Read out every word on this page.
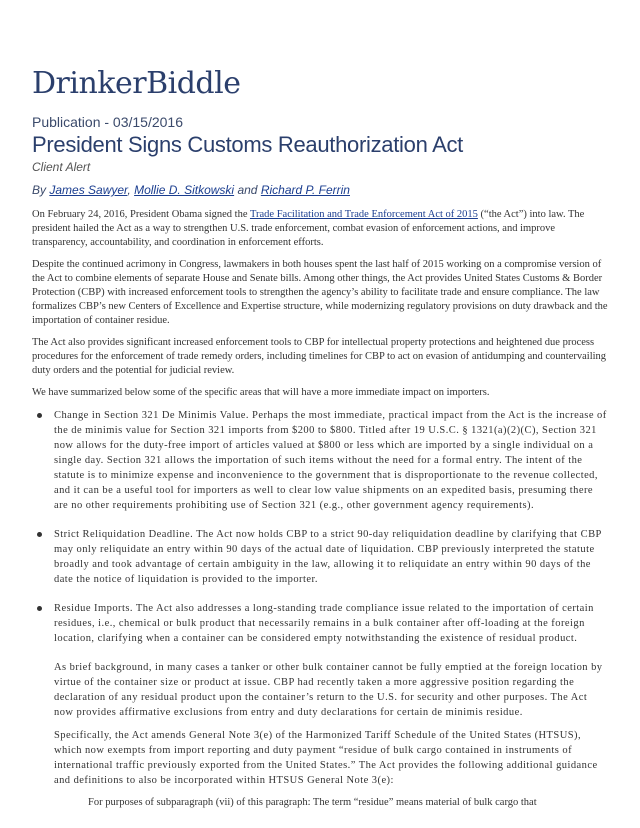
DrinkerBiddle
Publication - 03/15/2016
President Signs Customs Reauthorization Act
Client Alert
By James Sawyer, Mollie D. Sitkowski and Richard P. Ferrin

On February 24, 2016, President Obama signed the Trade Facilitation and Trade Enforcement Act of 2015 (“the Act”) into law. The president hailed the Act as a way to strengthen U.S. trade enforcement, combat evasion of enforcement actions, and improve transparency, accountability, and coordination in enforcement efforts.

Despite the continued acrimony in Congress, lawmakers in both houses spent the last half of 2015 working on a compromise version of the Act to combine elements of separate House and Senate bills. Among other things, the Act provides United States Customs & Border Protection (CBP) with increased enforcement tools to strengthen the agency’s ability to facilitate trade and ensure compliance. The law formalizes CBP’s new Centers of Excellence and Expertise structure, while modernizing regulatory provisions on duty drawback and the importation of container residue.

The Act also provides significant increased enforcement tools to CBP for intellectual property protections and heightened due process procedures for the enforcement of trade remedy orders, including timelines for CBP to act on evasion of antidumping and countervailing duty orders and the potential for judicial review.

We have summarized below some of the specific areas that will have a more immediate impact on importers.

Change in Section 321 De Minimis Value. Perhaps the most immediate, practical impact from the Act is the increase of the de minimis value for Section 321 imports from $200 to $800. Titled after 19 U.S.C. § 1321(a)(2)(C), Section 321 now allows for the duty-free import of articles valued at $800 or less which are imported by a single individual on a single day. Section 321 allows the importation of such items without the need for a formal entry. The intent of the statute is to minimize expense and inconvenience to the government that is disproportionate to the revenue collected, and it can be a useful tool for importers as well to clear low value shipments on an expedited basis, presuming there are no other requirements prohibiting use of Section 321 (e.g., other government agency requirements).
Strict Reliquidation Deadline. The Act now holds CBP to a strict 90-day reliquidation deadline by clarifying that CBP may only reliquidate an entry within 90 days of the actual date of liquidation. CBP previously interpreted the statute broadly and took advantage of certain ambiguity in the law, allowing it to reliquidate an entry within 90 days of the date the notice of liquidation is provided to the importer.
Residue Imports. The Act also addresses a long-standing trade compliance issue related to the importation of certain residues, i.e., chemical or bulk product that necessarily remains in a bulk container after off-loading at the foreign location, clarifying when a container can be considered empty notwithstanding the existence of residual product.

As brief background, in many cases a tanker or other bulk container cannot be fully emptied at the foreign location by virtue of the container size or product at issue. CBP had recently taken a more aggressive position regarding the declaration of any residual product upon the container’s return to the U.S. for security and other purposes. The Act now provides affirmative exclusions from entry and duty declarations for certain de minimis residue.

Specifically, the Act amends General Note 3(e) of the Harmonized Tariff Schedule of the United States (HTSUS), which now exempts from import reporting and duty payment “residue of bulk cargo contained in instruments of international traffic previously exported from the United States.” The Act provides the following additional guidance and definitions to also be incorporated within HTSUS General Note 3(e):

For purposes of subparagraph (vii) of this paragraph: The term “residue” means material of bulk cargo that
